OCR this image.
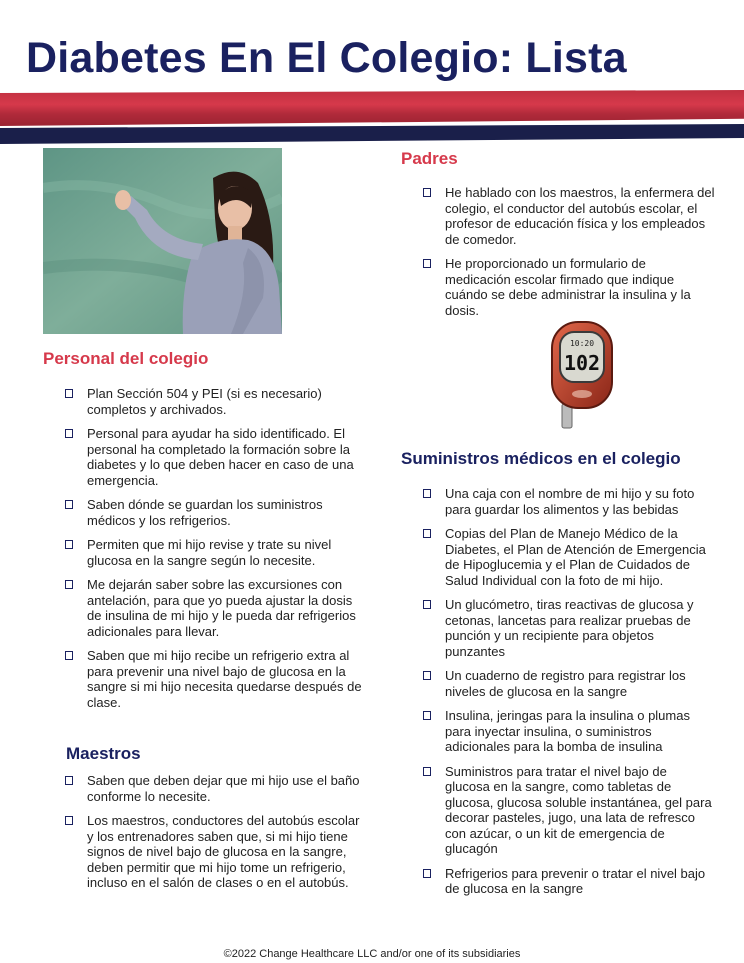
Diabetes En El Colegio: Lista
10:20
102
Personal del colegio
Plan Sección 504 y PEI (si es necesario) completos y archivados.
Personal para ayudar ha sido identificado. El personal ha completado la formación sobre la diabetes y lo que deben hacer en caso de una emergencia.
Saben dónde se guardan los suministros médicos y los refrigerios.
Permiten que mi hijo revise y trate su nivel glucosa en la sangre según lo necesite.
Me dejarán saber sobre las excursiones con antelación, para que yo pueda ajustar la dosis de insulina de mi hijo y le pueda dar refrigerios adicionales para llevar.
Saben que mi hijo recibe un refrigerio extra al para prevenir una nivel bajo de glucosa en la sangre si mi hijo necesita quedarse después de clase.
Maestros
Saben que deben dejar que mi hijo use el baño conforme lo necesite.
Los maestros, conductores del autobús escolar y los entrenadores saben que, si mi hijo tiene signos de nivel bajo de glucosa en la sangre, deben permitir que mi hijo tome un refrigerio, incluso en el salón de clases o en el autobús.
Padres
He hablado con los maestros, la enfermera del colegio, el conductor del autobús escolar, el profesor de educación física y los empleados de comedor.
He proporcionado un formulario de medicación escolar firmado que indique cuándo se debe administrar la insulina y la dosis.
Suministros médicos en el colegio
Una caja con el nombre de mi hijo y su foto para guardar los alimentos y las bebidas
Copias del Plan de Manejo Médico de la Diabetes, el Plan de Atención de Emergencia de Hipoglucemia y el Plan de Cuidados de Salud Individual con la foto de mi hijo.
Un glucómetro, tiras reactivas de glucosa y cetonas, lancetas para realizar pruebas de punción y un recipiente para objetos punzantes
Un cuaderno de registro para registrar los niveles de glucosa en la sangre
Insulina, jeringas para la insulina o plumas para inyectar insulina, o suministros adicionales para la bomba de insulina
Suministros para tratar el nivel bajo de glucosa en la sangre, como tabletas de glucosa, glucosa soluble instantánea, gel para decorar pasteles, jugo, una lata de refresco con azúcar, o un kit de emergencia de glucagón
Refrigerios para prevenir o tratar el nivel bajo de glucosa en la sangre
©2022 Change Healthcare LLC and/or one of its subsidiaries
